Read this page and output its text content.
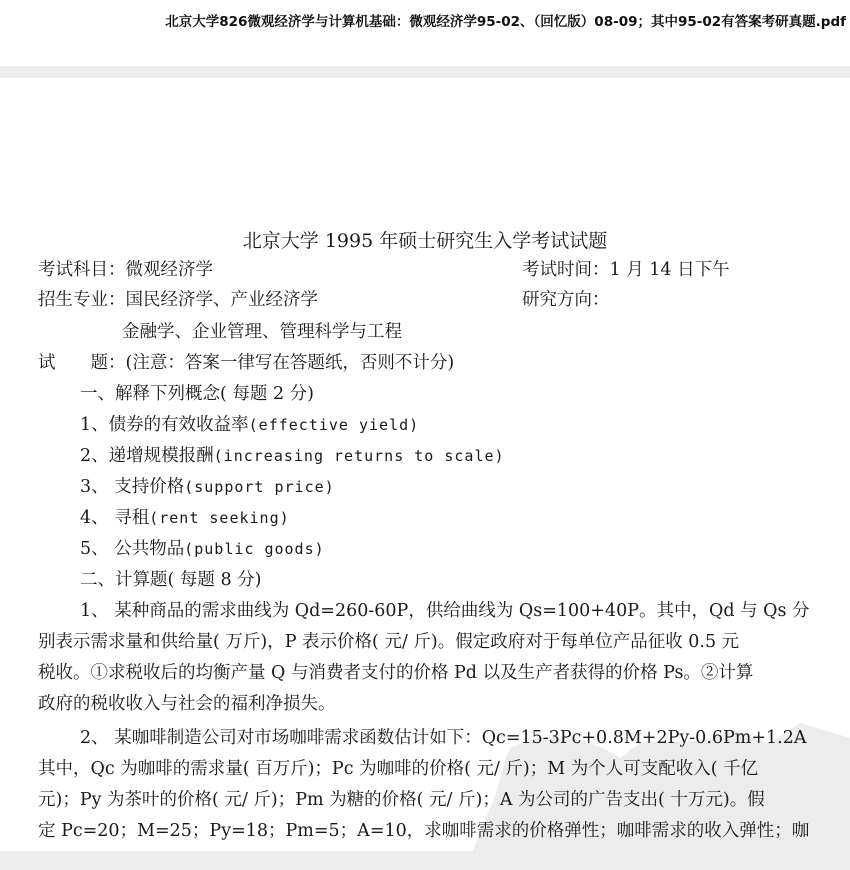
北京大学826微观经济学与计算机基础：微观经济学95-02、（回忆版）08-09；其中95-02有答案考研真题.pdf
北京大学 1995 年硕士研究生入学考试试题
考试科目：微观经济学	考试时间：1 月 14 日下午
招生专业：国民经济学、产业经济学	研究方向：
金融学、企业管理、管理科学与工程
试　　题：(注意：答案一律写在答题纸，否则不计分)
一、解释下列概念( 每题 2 分)
1、债券的有效收益率(effective yield)
2、递增规模报酬(increasing returns to scale)
3、 支持价格(support price)
4、 寻租(rent seeking)
5、 公共物品(public goods)
二、计算题( 每题 8 分)
1、 某种商品的需求曲线为 Qd=260-60P，供给曲线为 Qs=100+40P。其中，Qd 与 Qs 分
别表示需求量和供给量( 万斤)，P 表示价格( 元/ 斤)。假定政府对于每单位产品征收 0.5 元
税收。①求税收后的均衡产量 Q 与消费者支付的价格 Pd 以及生产者获得的价格 Ps。②计算
政府的税收收入与社会的福利净损失。
2、 某咖啡制造公司对市场咖啡需求函数估计如下：Qc=15-3Pc+0.8M+2Py-0.6Pm+1.2A
其中，Qc 为咖啡的需求量( 百万斤)；Pc 为咖啡的价格( 元/ 斤)；M 为个人可支配收入( 千亿
元)；Py 为茶叶的价格( 元/ 斤)；Pm 为糖的价格( 元/ 斤)；A 为公司的广告支出( 十万元)。假
定 Pc=20；M=25；Py=18；Pm=5；A=10，求咖啡需求的价格弹性；咖啡需求的收入弹性；咖
